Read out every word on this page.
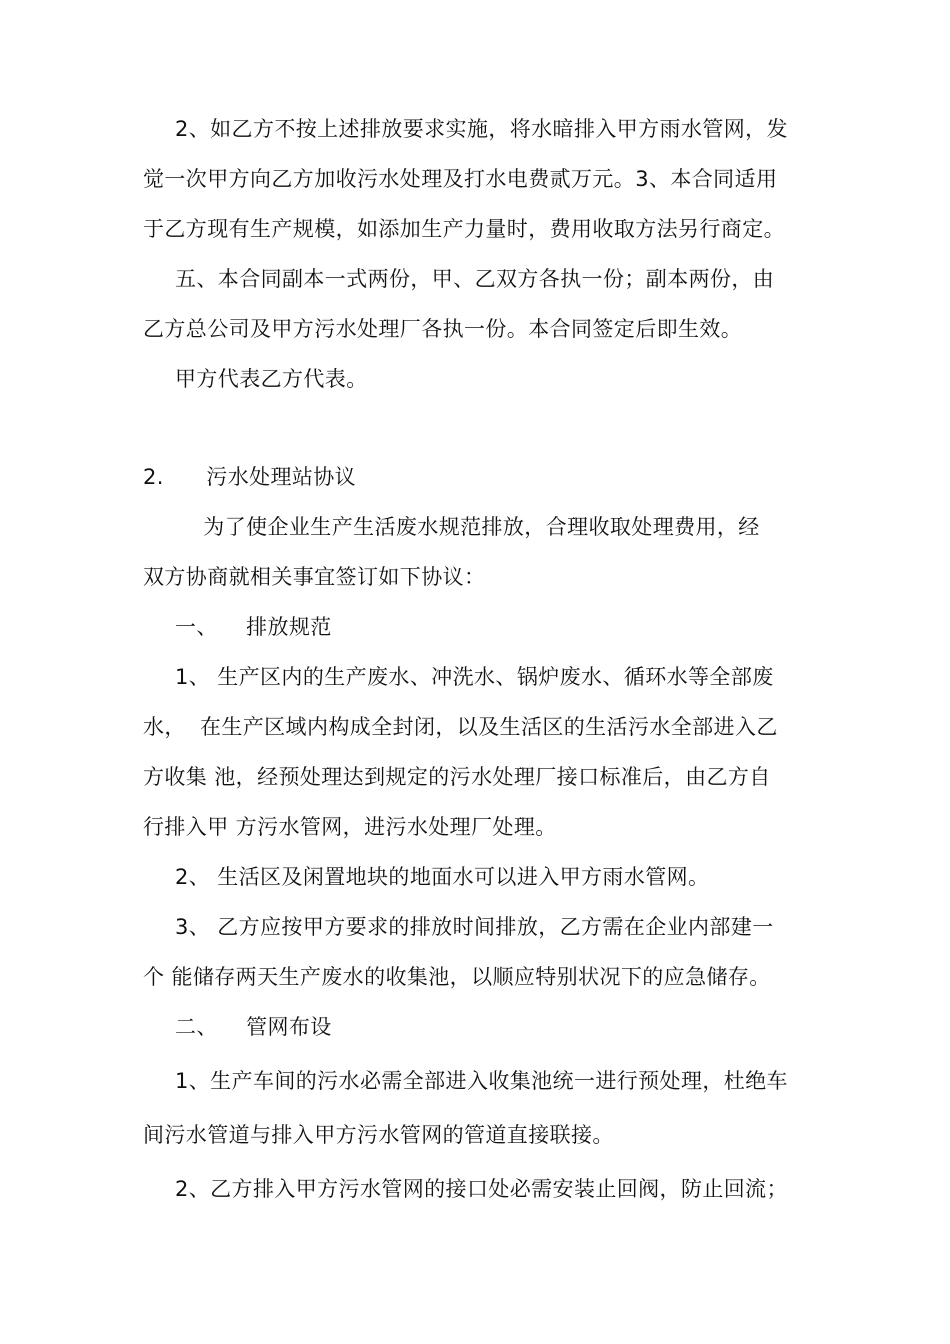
2、如乙方不按上述排放要求实施，将水暗排入甲方雨水管网，发
觉一次甲方向乙方加收污水处理及打水电费贰万元。3、本合同适用
于乙方现有生产规模，如添加生产力量时，费用收取方法另行商定。
五、本合同副本一式两份，甲、乙双方各执一份；副本两份，由
乙方总公司及甲方污水处理厂各执一份。本合同签定后即生效。
甲方代表乙方代表。
2.      污水处理站协议
为了使企业生产生活废水规范排放，合理收取处理费用，经
双方协商就相关事宜签订如下协议：
一、    排放规范
1、 生产区内的生产废水、冲洗水、锅炉废水、循环水等全部废
水，  在生产区域内构成全封闭，以及生活区的生活污水全部进入乙
方收集 池，经预处理达到规定的污水处理厂接口标准后，由乙方自
行排入甲 方污水管网，进污水处理厂处理。
2、 生活区及闲置地块的地面水可以进入甲方雨水管网。
3、 乙方应按甲方要求的排放时间排放，乙方需在企业内部建一
个 能储存两天生产废水的收集池，以顺应特别状况下的应急储存。
二、    管网布设
1、生产车间的污水必需全部进入收集池统一进行预处理，杜绝车
间污水管道与排入甲方污水管网的管道直接联接。
2、乙方排入甲方污水管网的接口处必需安装止回阀，防止回流；
